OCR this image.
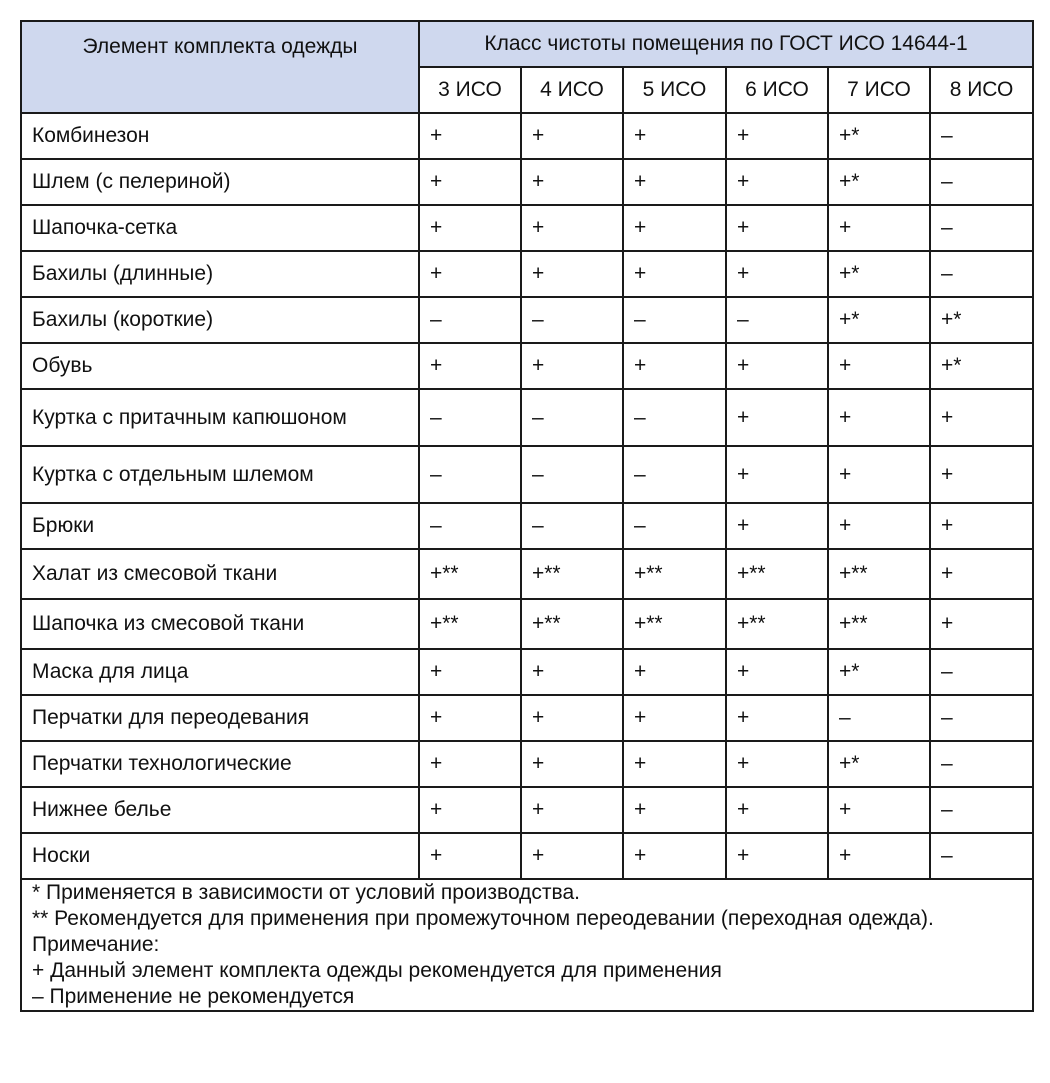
Элемент комплекта одежды	Класс чистоты помещения по ГОСТ ИСО 14644-1					
	3 ИСО	4 ИСО	5 ИСО	6 ИСО	7 ИСО	8 ИСО
Комбинезон	+	+	+	+	+*	–
Шлем (с пелериной)	+	+	+	+	+*	–
Шапочка-сетка	+	+	+	+	+	–
Бахилы (длинные)	+	+	+	+	+*	–
Бахилы (короткие)	–	–	–	–	+*	+*
Обувь	+	+	+	+	+	+*
Куртка с притачным капюшоном	–	–	–	+	+	+
Куртка с отдельным шлемом	–	–	–	+	+	+
Брюки	–	–	–	+	+	+
Халат из смесовой ткани	+**	+**	+**	+**	+**	+
Шапочка из смесовой ткани	+**	+**	+**	+**	+**	+
Маска для лица	+	+	+	+	+*	–
Перчатки для переодевания	+	+	+	+	–	–
Перчатки технологические	+	+	+	+	+*	–
Нижнее белье	+	+	+	+	+	–
Носки	+	+	+	+	+	–

* Применяется в зависимости от условий производства.
** Рекомендуется для применения при промежуточном переодевании (переходная одежда).
Примечание:
+ Данный элемент комплекта одежды рекомендуется для применения
– Применение не рекомендуется						
